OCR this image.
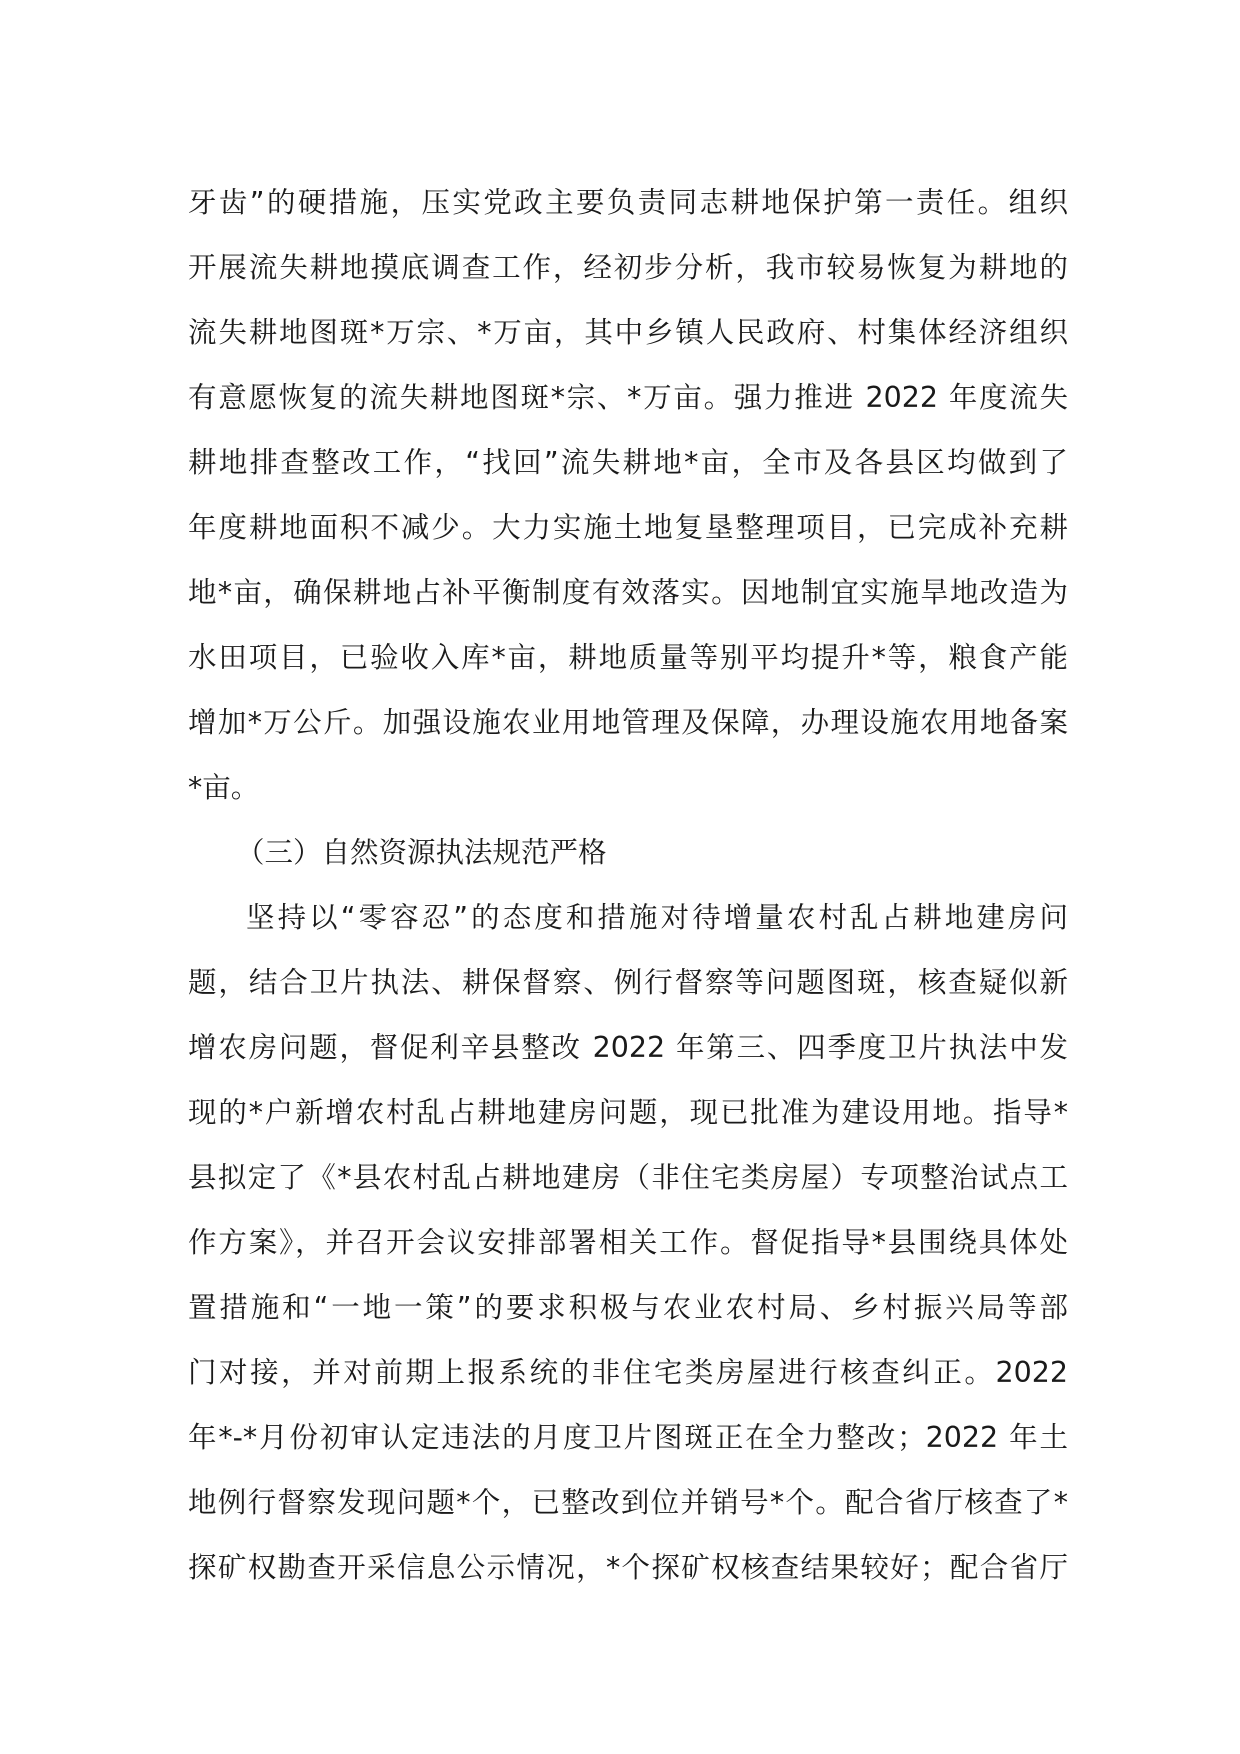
牙齿”的硬措施，压实党政主要负责同志耕地保护第一责任。组织
开展流失耕地摸底调查工作，经初步分析，我市较易恢复为耕地的
流失耕地图斑*万宗、*万亩，其中乡镇人民政府、村集体经济组织
有意愿恢复的流失耕地图斑*宗、*万亩。强力推进 2022 年度流失
耕地排查整改工作，“找回”流失耕地*亩，全市及各县区均做到了
年度耕地面积不减少。大力实施土地复垦整理项目，已完成补充耕
地*亩，确保耕地占补平衡制度有效落实。因地制宜实施旱地改造为
水田项目，已验收入库*亩，耕地质量等别平均提升*等，粮食产能
增加*万公斤。加强设施农业用地管理及保障，办理设施农用地备案
*亩。
（三）自然资源执法规范严格
坚持以“零容忍”的态度和措施对待增量农村乱占耕地建房问
题，结合卫片执法、耕保督察、例行督察等问题图斑，核查疑似新
增农房问题，督促利辛县整改 2022 年第三、四季度卫片执法中发
现的*户新增农村乱占耕地建房问题，现已批准为建设用地。指导*
县拟定了《*县农村乱占耕地建房（非住宅类房屋）专项整治试点工
作方案》，并召开会议安排部署相关工作。督促指导*县围绕具体处
置措施和“一地一策”的要求积极与农业农村局、乡村振兴局等部
门对接，并对前期上报系统的非住宅类房屋进行核查纠正。2022
年*-*月份初审认定违法的月度卫片图斑正在全力整改；2022 年土
地例行督察发现问题*个，已整改到位并销号*个。配合省厅核查了*
探矿权勘查开采信息公示情况，*个探矿权核查结果较好；配合省厅
